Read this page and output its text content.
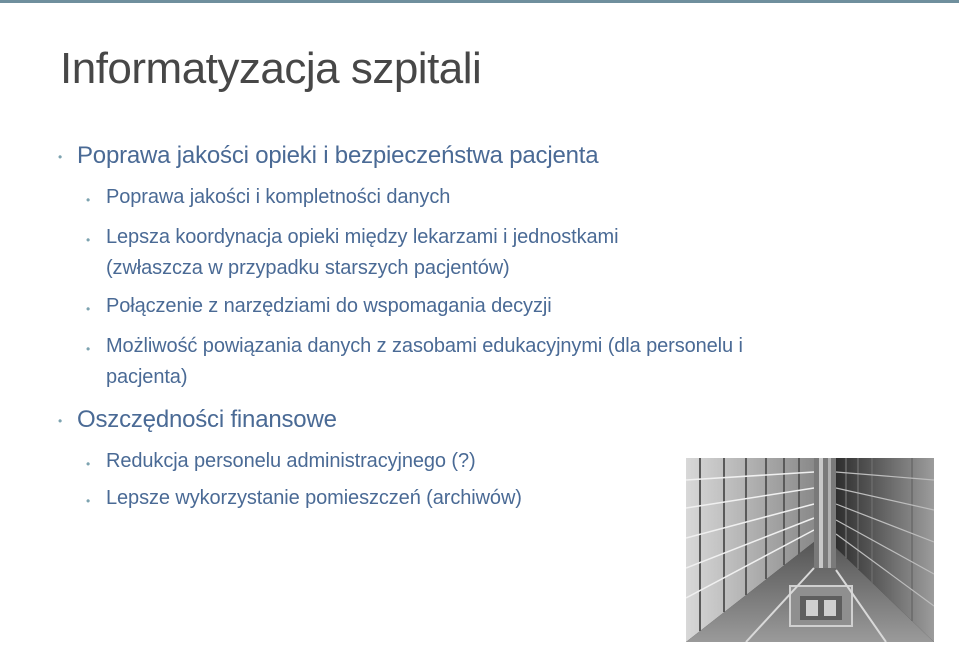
Informatyzacja szpitali
• Poprawa jakości opieki i bezpieczeństwa pacjenta
• Poprawa jakości i kompletności danych
• Lepsza koordynacja opieki między lekarzami i jednostkami
(zwłaszcza w przypadku starszych pacjentów)
• Połączenie z narzędziami do wspomagania decyzji
• Możliwość powiązania danych z zasobami edukacyjnymi (dla personelu i
pacjenta)
• Oszczędności finansowe
• Redukcja personelu administracyjnego (?)
• Lepsze wykorzystanie pomieszczeń (archiwów)
